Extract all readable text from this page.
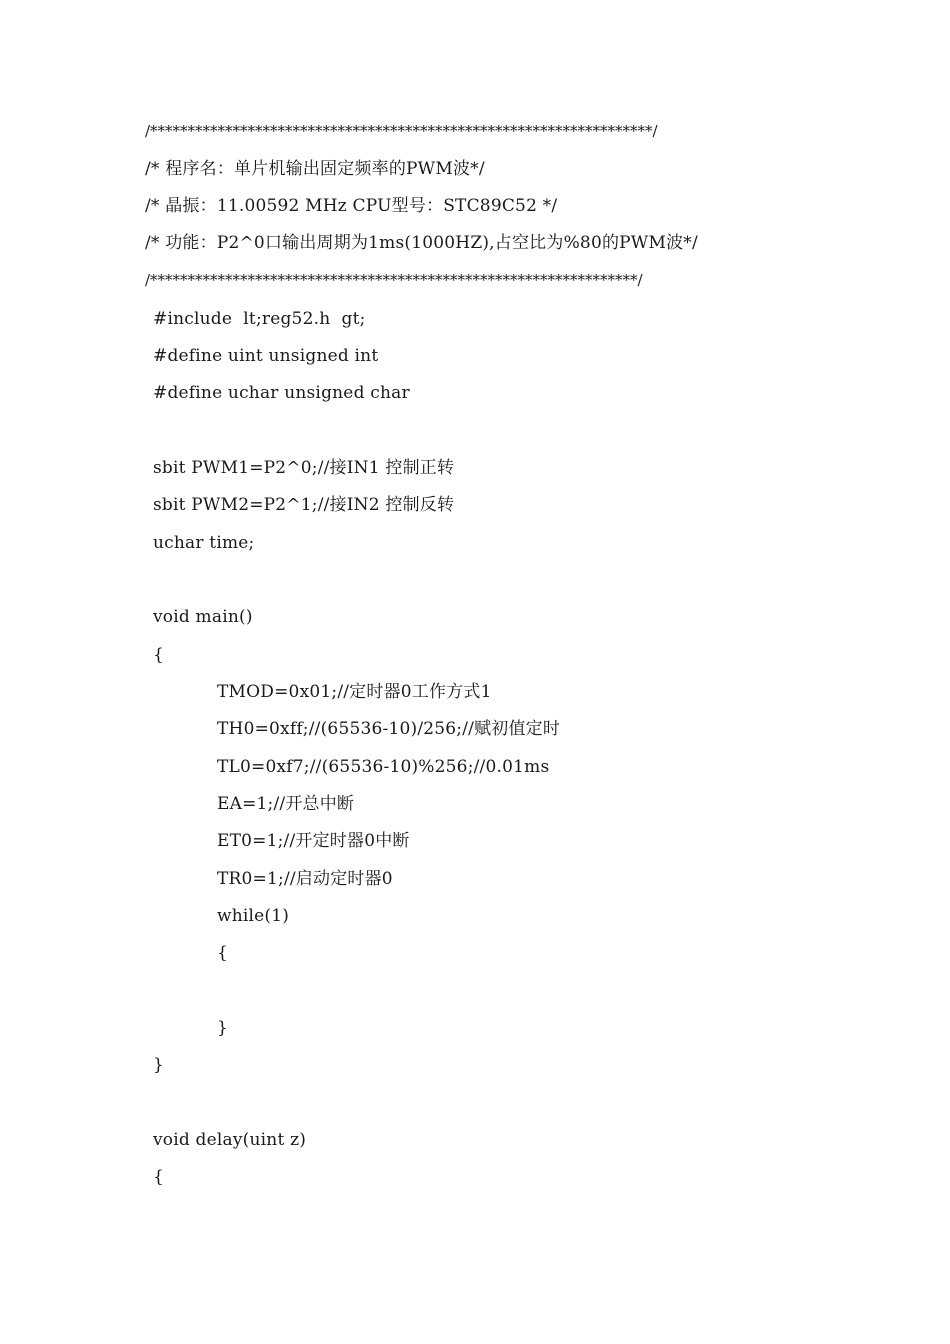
/*******************************************************************/
/* 程序名：单片机输出固定频率的PWM波*/
/* 晶振：11.00592 MHz CPU型号：STC89C52 */
/* 功能：P2^0口输出周期为1ms(1000HZ),占空比为%80的PWM波*/
/*****************************************************************/
#include  lt;reg52.h  gt;
#define uint unsigned int
#define uchar unsigned char
sbit PWM1=P2^0;//接IN1 控制正转
sbit PWM2=P2^1;//接IN2 控制反转
uchar time;
void main()
{
TMOD=0x01;//定时器0工作方式1
TH0=0xff;//(65536-10)/256;//赋初值定时
TL0=0xf7;//(65536-10)%256;//0.01ms
EA=1;//开总中断
ET0=1;//开定时器0中断
TR0=1;//启动定时器0
while(1)
{
}
}
void delay(uint z)
{
